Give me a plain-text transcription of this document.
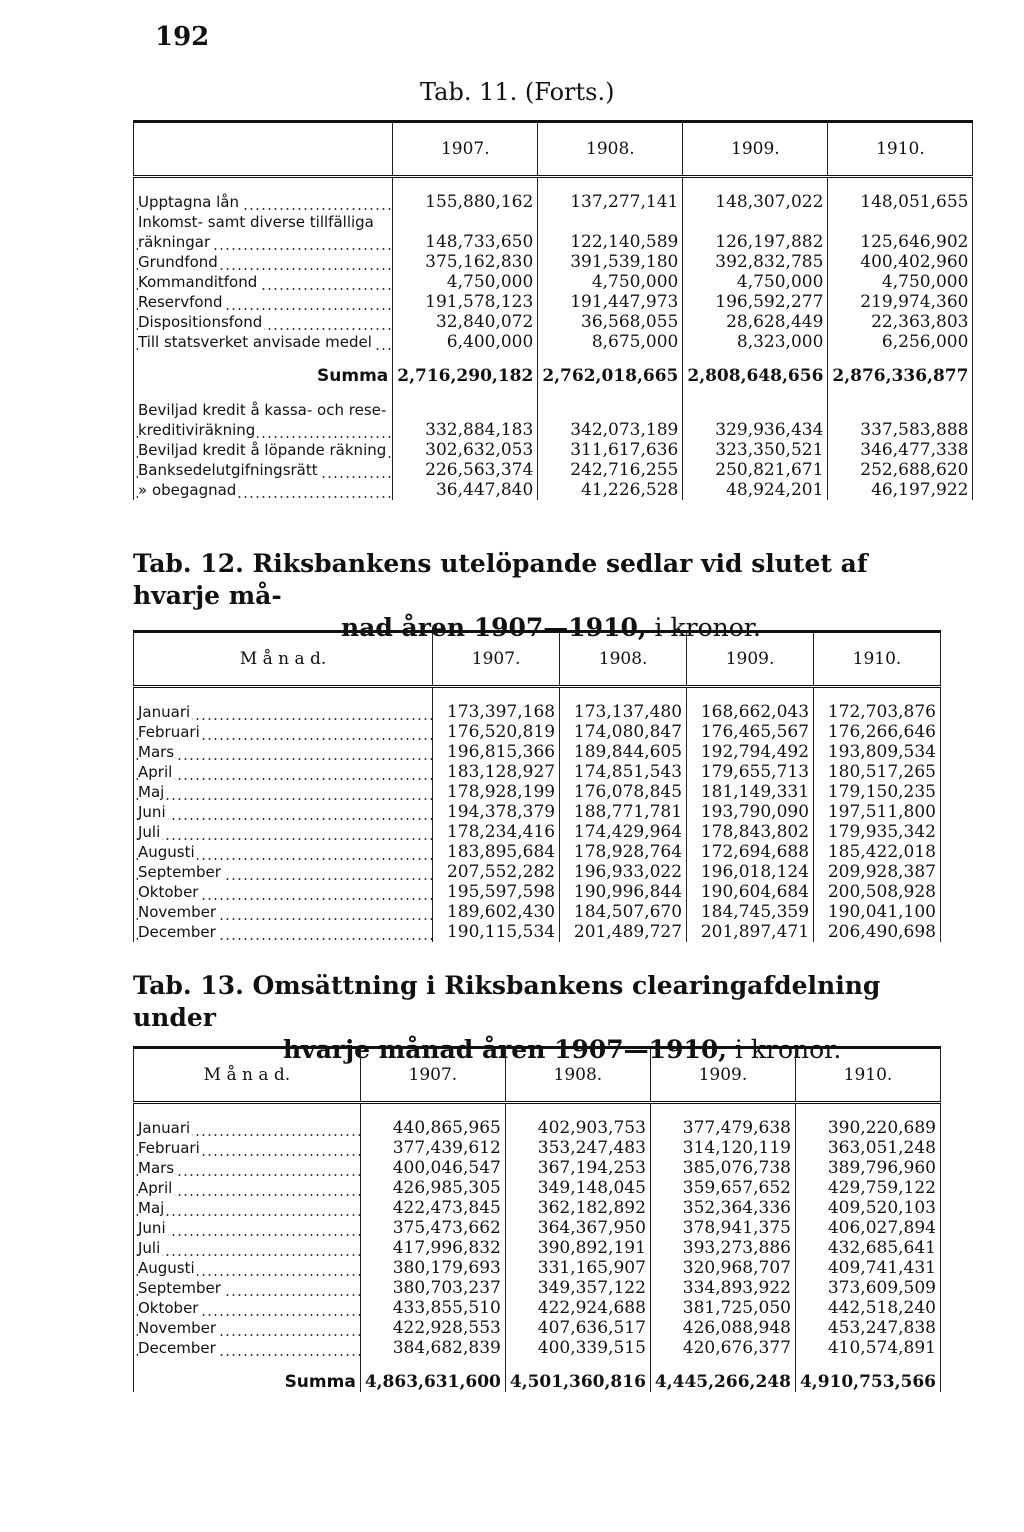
192
Tab. 11. (Forts.)
	1907.	1908.	1909.	1910.

Upptagna lån	155,880,162	137,277,141	148,307,022	148,051,655
Inkomst- samt diverse tillfälliga				
räkningar	148,733,650	122,140,589	126,197,882	125,646,902
Grundfond	375,162,830	391,539,180	392,832,785	400,402,960
Kommanditfond	4,750,000	4,750,000	4,750,000	4,750,000
Reservfond	191,578,123	191,447,973	196,592,277	219,974,360
Dispositionsfond	32,840,072	36,568,055	28,628,449	22,363,803
Till statsverket anvisade medel	6,400,000	8,675,000	8,323,000	6,256,000

Summa	2,716,290,182	2,762,018,665	2,808,648,656	2,876,336,877

Beviljad kredit å kassa- och rese-				
kreditiviräkning	332,884,183	342,073,189	329,936,434	337,583,888
Beviljad kredit å löpande räkning	302,632,053	311,617,636	323,350,521	346,477,338
Banksedelutgifningsrätt	226,563,374	242,716,255	250,821,671	252,688,620
» obegagnad	36,447,840	41,226,528	48,924,201	46,197,922
Tab. 12. Riksbankens utelöpande sedlar vid slutet af hvarje må-
nad åren 1907—1910, i kronor.
M å n a d.	1907.	1908.	1909.	1910.

Januari	173,397,168	173,137,480	168,662,043	172,703,876
Februari	176,520,819	174,080,847	176,465,567	176,266,646
Mars	196,815,366	189,844,605	192,794,492	193,809,534
April	183,128,927	174,851,543	179,655,713	180,517,265
Maj	178,928,199	176,078,845	181,149,331	179,150,235
Juni	194,378,379	188,771,781	193,790,090	197,511,800
Juli	178,234,416	174,429,964	178,843,802	179,935,342
Augusti	183,895,684	178,928,764	172,694,688	185,422,018
September	207,552,282	196,933,022	196,018,124	209,928,387
Oktober	195,597,598	190,996,844	190,604,684	200,508,928
November	189,602,430	184,507,670	184,745,359	190,041,100
December	190,115,534	201,489,727	201,897,471	206,490,698
Tab. 13. Omsättning i Riksbankens clearingafdelning under
hvarje månad åren 1907—1910, i kronor.
M å n a d.	1907.	1908.	1909.	1910.

Januari	440,865,965	402,903,753	377,479,638	390,220,689
Februari	377,439,612	353,247,483	314,120,119	363,051,248
Mars	400,046,547	367,194,253	385,076,738	389,796,960
April	426,985,305	349,148,045	359,657,652	429,759,122
Maj	422,473,845	362,182,892	352,364,336	409,520,103
Juni	375,473,662	364,367,950	378,941,375	406,027,894
Juli	417,996,832	390,892,191	393,273,886	432,685,641
Augusti	380,179,693	331,165,907	320,968,707	409,741,431
September	380,703,237	349,357,122	334,893,922	373,609,509
Oktober	433,855,510	422,924,688	381,725,050	442,518,240
November	422,928,553	407,636,517	426,088,948	453,247,838
December	384,682,839	400,339,515	420,676,377	410,574,891

Summa	4,863,631,600	4,501,360,816	4,445,266,248	4,910,753,566
